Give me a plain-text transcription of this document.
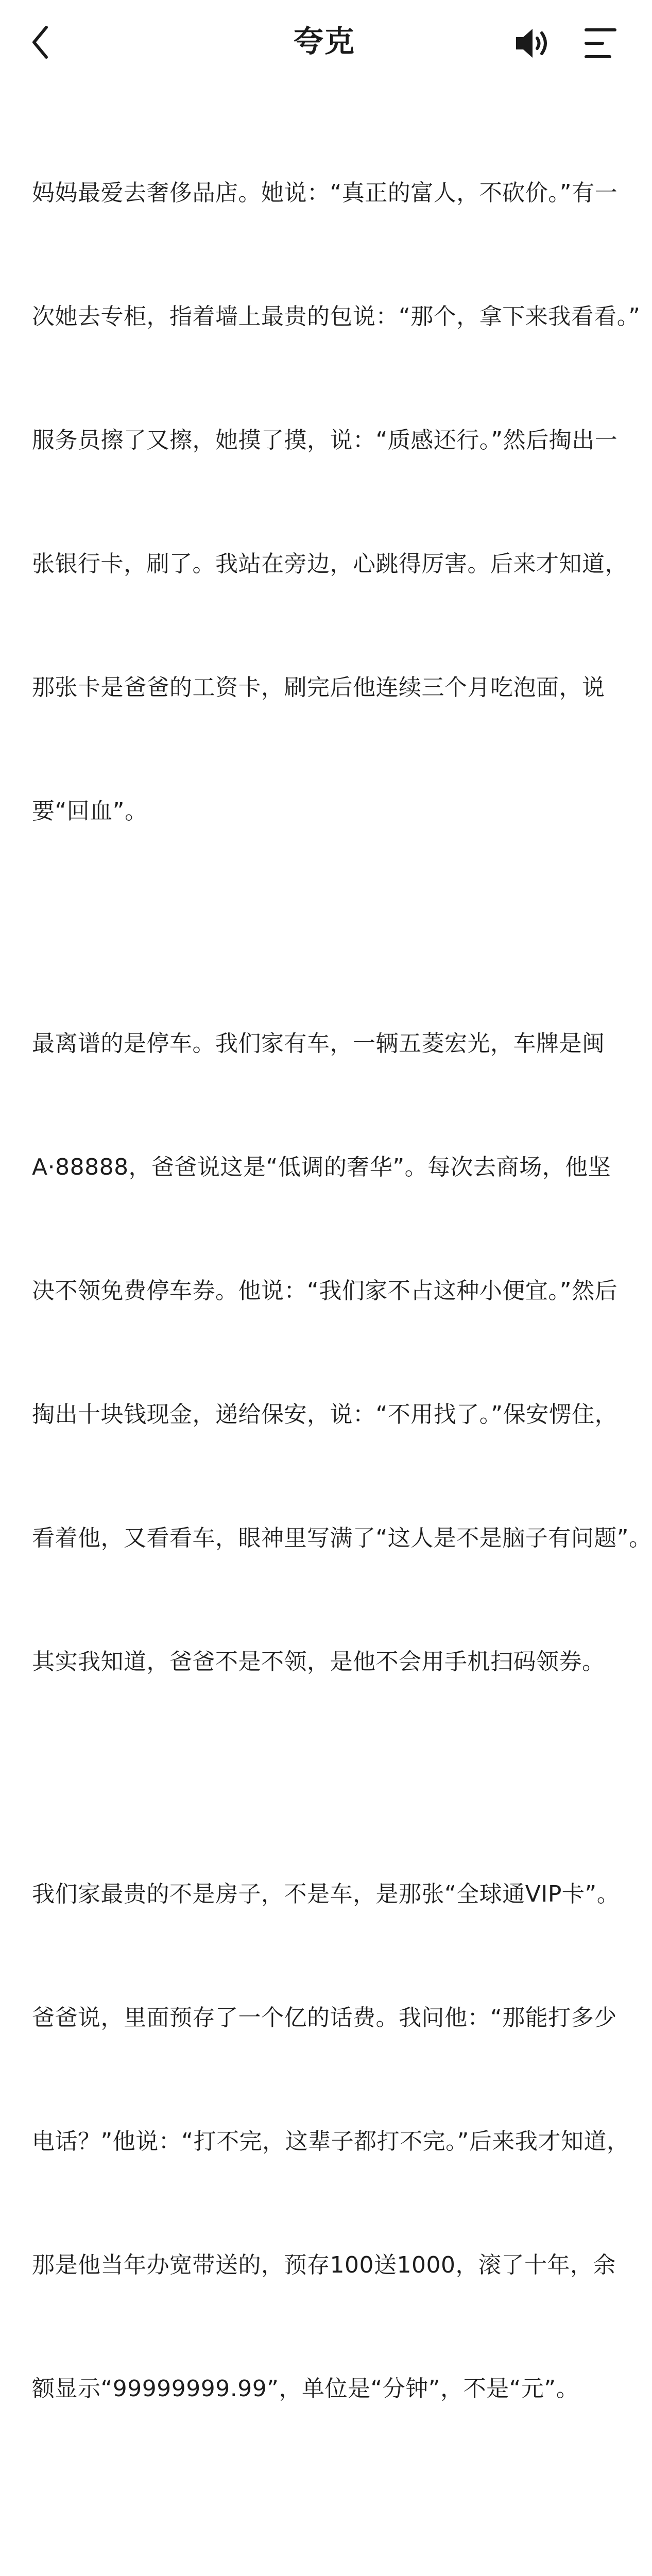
夸克

妈妈最爱去奢侈品店。她说：“真正的富人，不砍价。”有一

次她去专柜，指着墙上最贵的包说：“那个，拿下来我看看。”

服务员擦了又擦，她摸了摸，说：“质感还行。”然后掏出一

张银行卡，刷了。我站在旁边，心跳得厉害。后来才知道，

那张卡是爸爸的工资卡，刷完后他连续三个月吃泡面，说

要“回血”。

最离谱的是停车。我们家有车，一辆五菱宏光，车牌是闽

A·88888，爸爸说这是“低调的奢华”。每次去商场，他坚

决不领免费停车券。他说：“我们家不占这种小便宜。”然后

掏出十块钱现金，递给保安，说：“不用找了。”保安愣住，

看着他，又看看车，眼神里写满了“这人是不是脑子有问题”。

其实我知道，爸爸不是不领，是他不会用手机扫码领券。

我们家最贵的不是房子，不是车，是那张“全球通VIP卡”。

爸爸说，里面预存了一个亿的话费。我问他：“那能打多少

电话？”他说：“打不完，这辈子都打不完。”后来我才知道，

那是他当年办宽带送的，预存100送1000，滚了十年，余

额显示“99999999.99”，单位是“分钟”，不是“元”。
